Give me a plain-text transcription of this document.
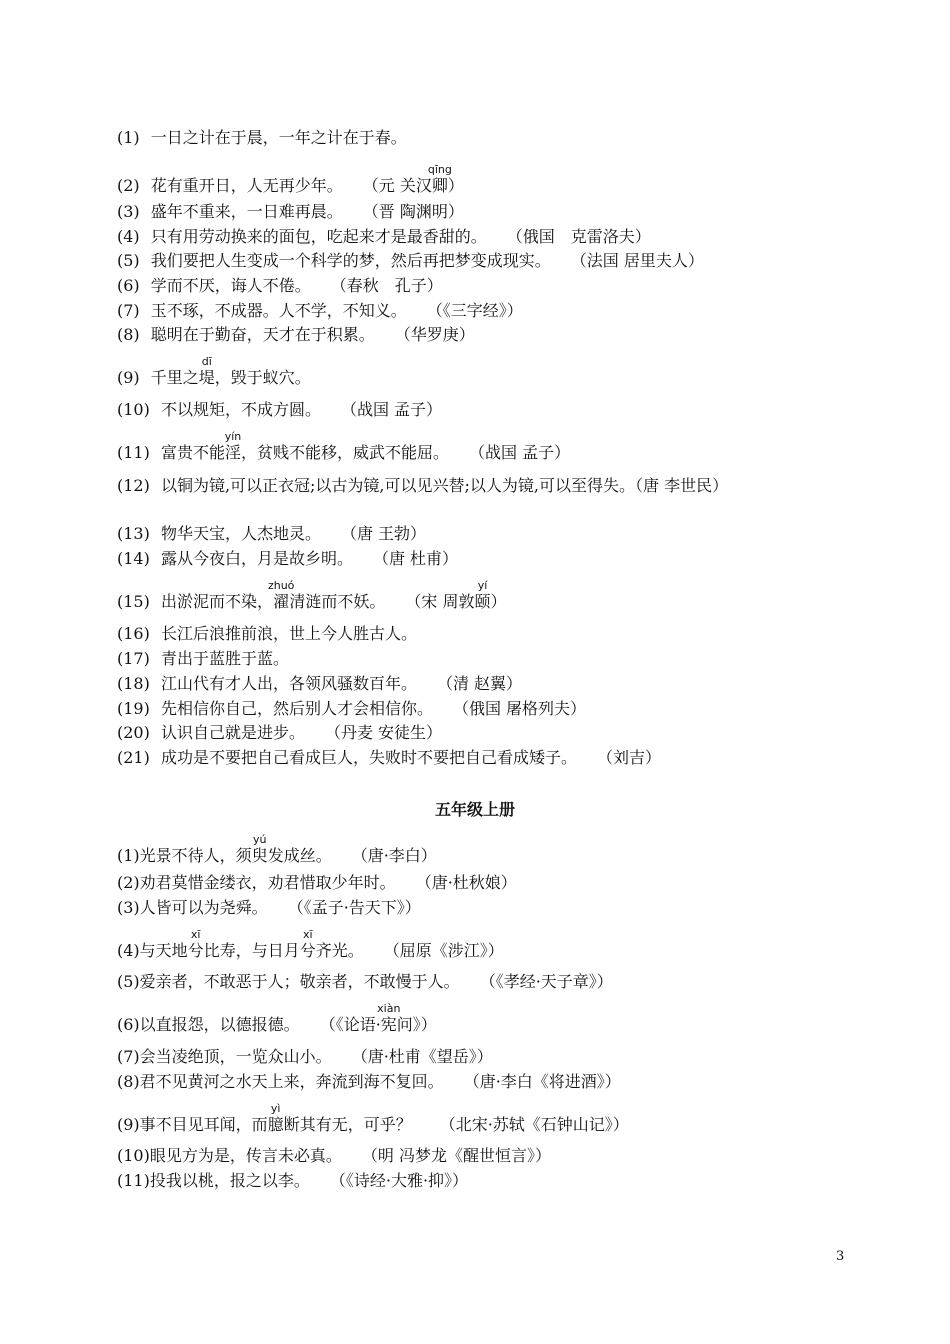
(1) 一日之计在于晨，一年之计在于春。
(2) 花有重开日，人无再少年。 （元 关汉卿qīng）
(3) 盛年不重来，一日难再晨。 （晋 陶渊明）
(4) 只有用劳动换来的面包，吃起来才是最香甜的。 （俄国　克雷洛夫）
(5) 我们要把人生变成一个科学的梦，然后再把梦变成现实。 （法国 居里夫人）
(6) 学而不厌，诲人不倦。 （春秋　孔子）
(7) 玉不琢，不成器。人不学，不知义。 （《三字经》）
(8) 聪明在于勤奋，天才在于积累。 （华罗庚）
(9) 千里之堤dī，毁于蚁穴。
(10) 不以规矩，不成方圆。 （战国 孟子）
(11) 富贵不能淫yín，贫贱不能移，威武不能屈。 （战国 孟子）
(12) 以铜为镜,可以正衣冠;以古为镜,可以见兴替;以人为镜,可以至得失。（唐 李世民）
(13) 物华天宝，人杰地灵。 （唐 王勃）
(14) 露从今夜白，月是故乡明。 （唐 杜甫）
(15) 出淤泥而不染，濯zhuó清涟而不妖。 （宋 周敦颐yí）
(16) 长江后浪推前浪，世上今人胜古人。
(17) 青出于蓝胜于蓝。
(18) 江山代有才人出，各领风骚数百年。 （清 赵翼）
(19) 先相信你自己，然后别人才会相信你。 （俄国 屠格列夫）
(20) 认识自己就是进步。 （丹麦 安徒生）
(21) 成功是不要把自己看成巨人，失败时不要把自己看成矮子。 （刘吉）
五年级上册
(1)光景不待人，须臾yú发成丝。 （唐·李白）
(2)劝君莫惜金缕衣，劝君惜取少年时。 （唐·杜秋娘）
(3)人皆可以为尧舜。 （《孟子·告天下》）
(4)与天地兮xī比寿，与日月兮xī齐光。 （屈原《涉江》）
(5)爱亲者，不敢恶于人；敬亲者，不敢慢于人。 （《孝经·天子章》）
(6)以直报怨，以德报德。 （《论语·宪xiàn问》）
(7)会当凌绝顶，一览众山小。 （唐·杜甫《望岳》）
(8)君不见黄河之水天上来，奔流到海不复回。 （唐·李白《将进酒》）
(9)事不目见耳闻，而臆yì断其有无，可乎？ （北宋·苏轼《石钟山记》）
(10)眼见方为是，传言未必真。 （明 冯梦龙《醒世恒言》）
(11)投我以桃，报之以李。 （《诗经·大雅·抑》）
3
